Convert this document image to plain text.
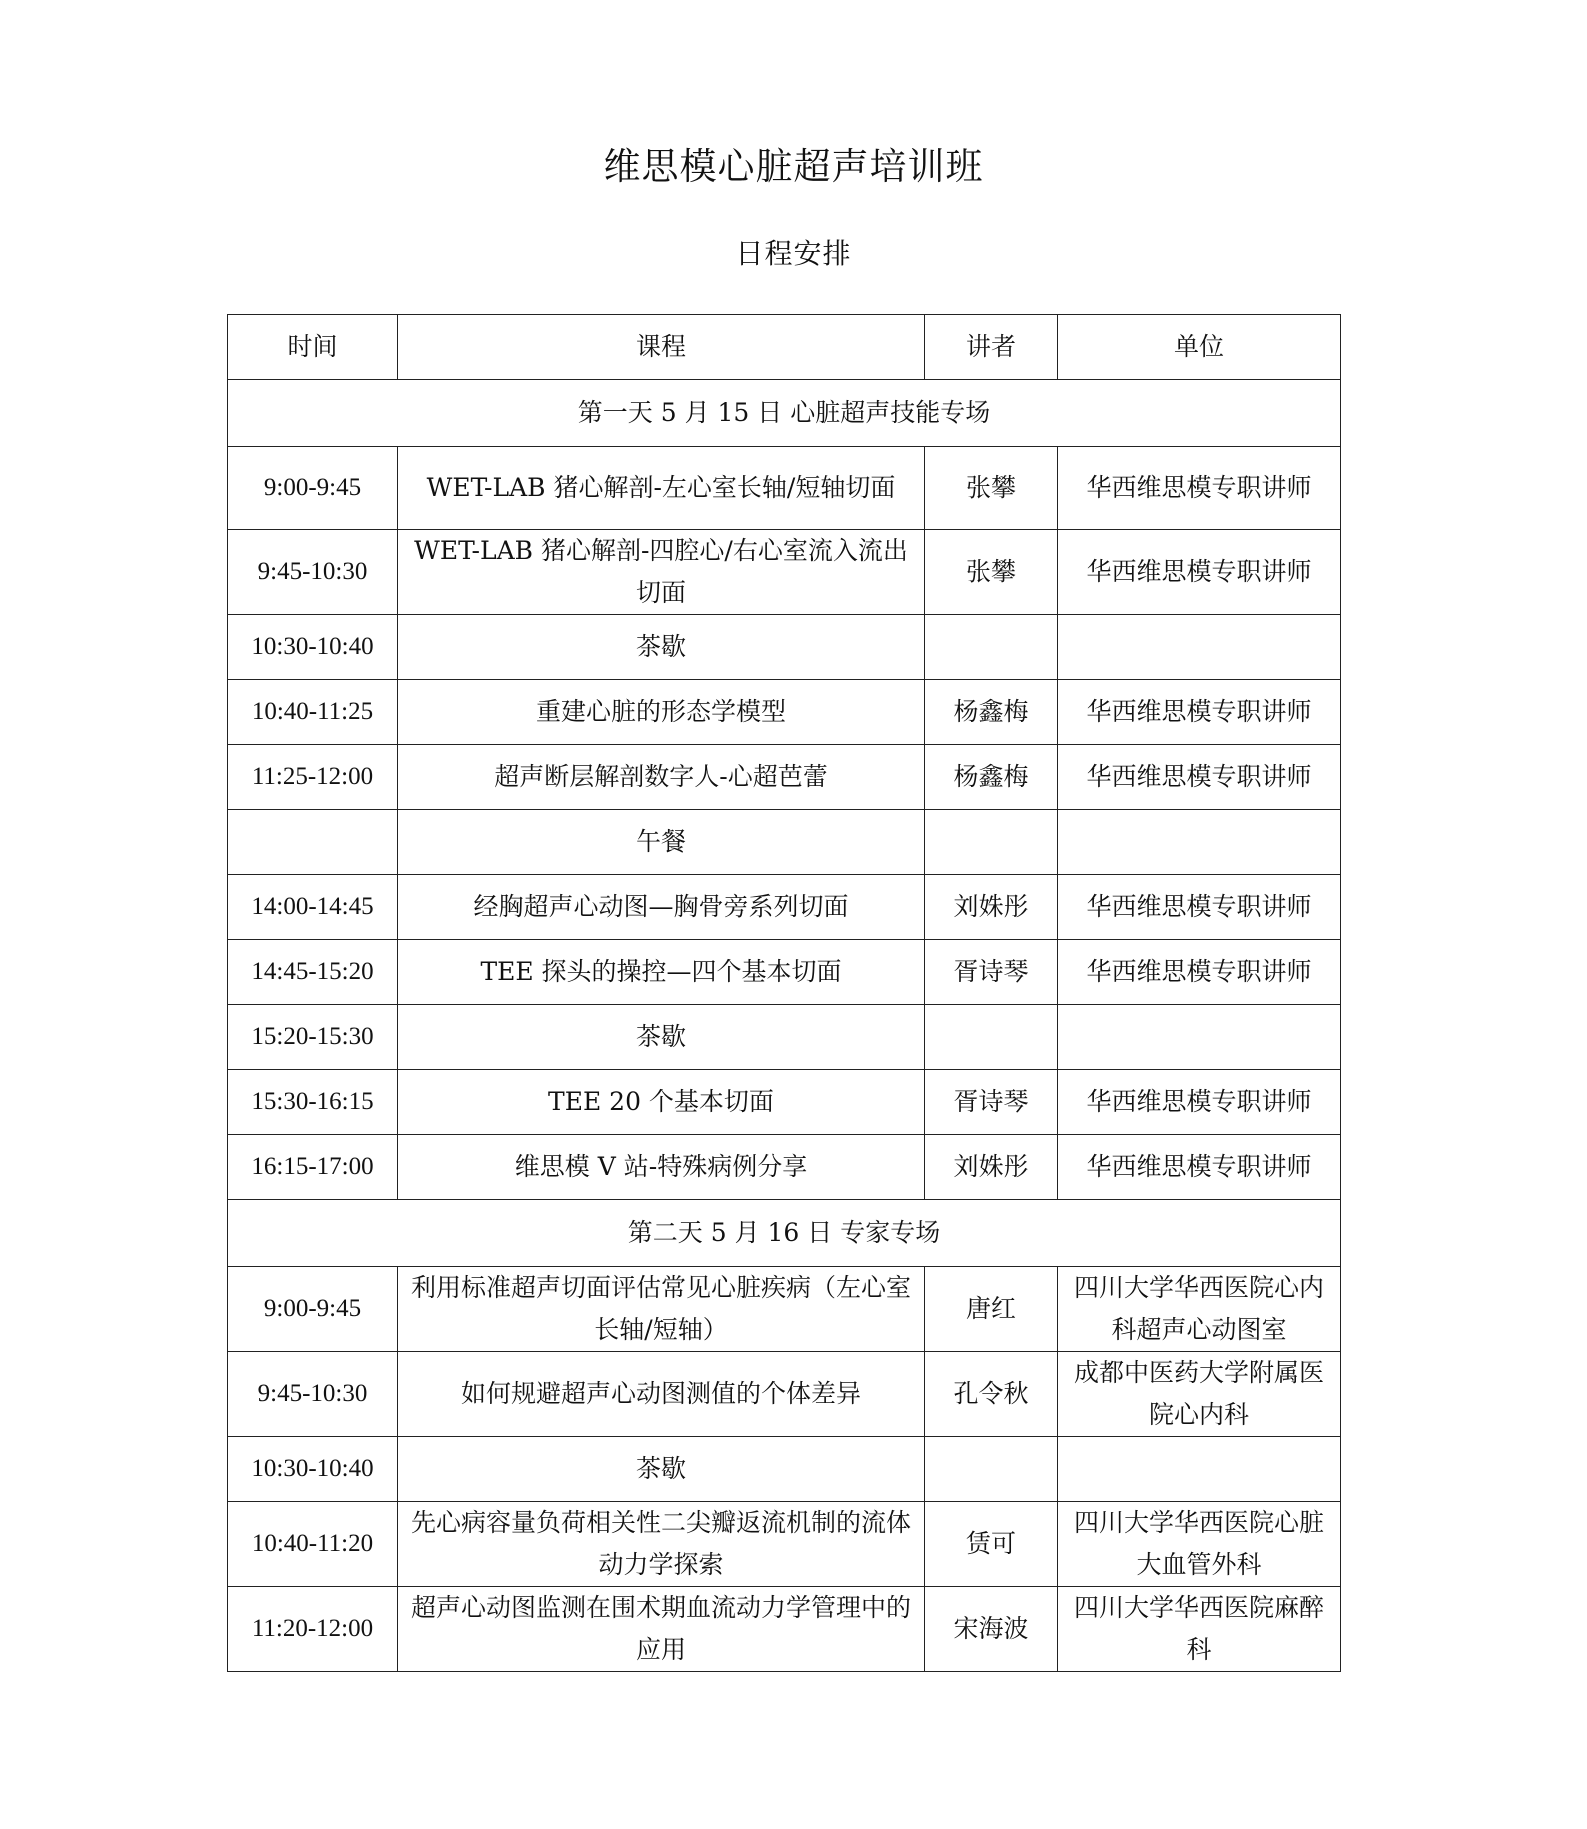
维思模心脏超声培训班
日程安排
时间	课程	讲者	单位
第一天 5 月 15 日 心脏超声技能专场			
9:00-9:45	WET-LAB 猪心解剖-左心室长轴/短轴切面	张攀	华西维思模专职讲师
9:45-10:30	WET-LAB 猪心解剖-四腔心/右心室流入流出切面	张攀	华西维思模专职讲师
10:30-10:40	茶歇		
10:40-11:25	重建心脏的形态学模型	杨鑫梅	华西维思模专职讲师
11:25-12:00	超声断层解剖数字人-心超芭蕾	杨鑫梅	华西维思模专职讲师
	午餐		
14:00-14:45	经胸超声心动图—胸骨旁系列切面	刘姝彤	华西维思模专职讲师
14:45-15:20	TEE 探头的操控—四个基本切面	胥诗琴	华西维思模专职讲师
15:20-15:30	茶歇		
15:30-16:15	TEE 20 个基本切面	胥诗琴	华西维思模专职讲师
16:15-17:00	维思模 V 站-特殊病例分享	刘姝彤	华西维思模专职讲师
第二天 5 月 16 日 专家专场			
9:00-9:45	利用标准超声切面评估常见心脏疾病（左心室长轴/短轴）	唐红	四川大学华西医院心内科超声心动图室
9:45-10:30	如何规避超声心动图测值的个体差异	孔令秋	成都中医药大学附属医院心内科
10:30-10:40	茶歇		
10:40-11:20	先心病容量负荷相关性二尖瓣返流机制的流体动力学探索	赁可	四川大学华西医院心脏大血管外科
11:20-12:00	超声心动图监测在围术期血流动力学管理中的应用	宋海波	四川大学华西医院麻醉科
